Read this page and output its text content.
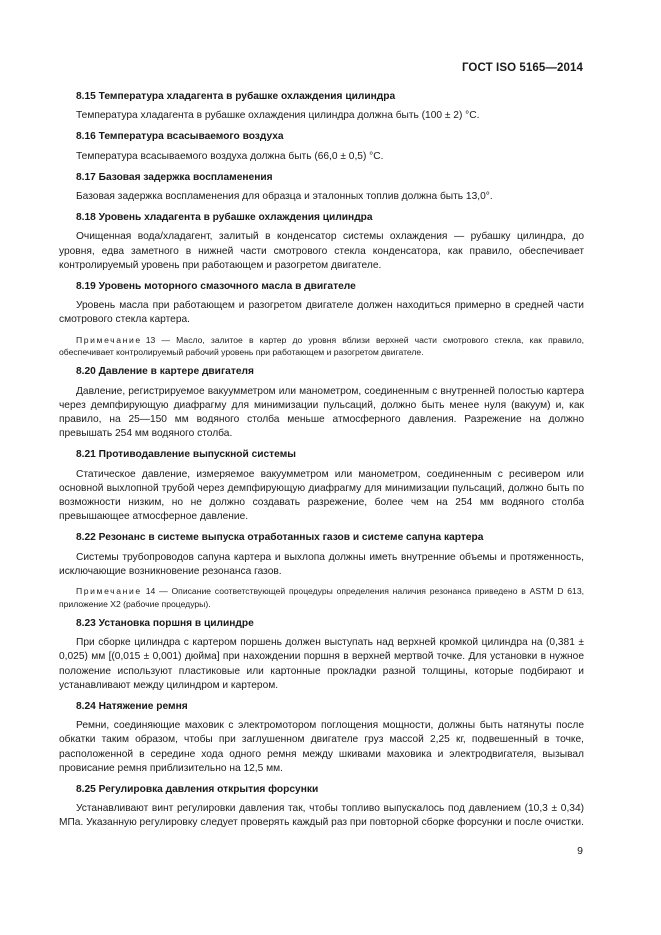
ГОСТ ISO 5165—2014
8.15 Температура хладагента в рубашке охлаждения цилиндра
Температура хладагента в рубашке охлаждения цилиндра должна быть (100 ± 2) °С.
8.16 Температура всасываемого воздуха
Температура всасываемого воздуха должна быть (66,0 ± 0,5) °С.
8.17 Базовая задержка воспламенения
Базовая задержка воспламенения для образца и эталонных топлив должна быть 13,0°.
8.18 Уровень хладагента в рубашке охлаждения цилиндра
Очищенная вода/хладагент, залитый в конденсатор системы охлаждения — рубашку цилиндра, до уровня, едва заметного в нижней части смотрового стекла конденсатора, как правило, обеспечивает контролируемый уровень при работающем и разогретом двигателе.
8.19 Уровень моторного смазочного масла в двигателе
Уровень масла при работающем и разогретом двигателе должен находиться примерно в средней части смотрового стекла картера.
Примечание 13 — Масло, залитое в картер до уровня вблизи верхней части смотрового стекла, как правило, обеспечивает контролируемый рабочий уровень при работающем и разогретом двигателе.
8.20 Давление в картере двигателя
Давление, регистрируемое вакуумметром или манометром, соединенным с внутренней полостью картера через демпфирующую диафрагму для минимизации пульсаций, должно быть менее нуля (вакуум) и, как правило, на 25—150 мм водяного столба меньше атмосферного давления. Разрежение на должно превышать 254 мм водяного столба.
8.21 Противодавление выпускной системы
Статическое давление, измеряемое вакуумметром или манометром, соединенным с ресивером или основной выхлопной трубой через демпфирующую диафрагму для минимизации пульсаций, должно быть по возможности низким, но не должно создавать разрежение, более чем на 254 мм водяного столба превышающее атмосферное давление.
8.22 Резонанс в системе выпуска отработанных газов и системе сапуна картера
Системы трубопроводов сапуна картера и выхлопа должны иметь внутренние объемы и протяженность, исключающие возникновение резонанса газов.
Примечание 14 — Описание соответствующей процедуры определения наличия резонанса приведено в ASTM D 613, приложение X2 (рабочие процедуры).
8.23 Установка поршня в цилиндре
При сборке цилиндра с картером поршень должен выступать над верхней кромкой цилиндра на (0,381 ± 0,025) мм [(0,015 ± 0,001) дюйма] при нахождении поршня в верхней мертвой точке. Для установки в нужное положение используют пластиковые или картонные прокладки разной толщины, которые подбирают и устанавливают между цилиндром и картером.
8.24 Натяжение ремня
Ремни, соединяющие маховик с электромотором поглощения мощности, должны быть натянуты после обкатки таким образом, чтобы при заглушенном двигателе груз массой 2,25 кг, подвешенный в точке, расположенной в середине хода одного ремня между шкивами маховика и электродвигателя, вызывал провисание ремня приблизительно на 12,5 мм.
8.25 Регулировка давления открытия форсунки
Устанавливают винт регулировки давления так, чтобы топливо выпускалось под давлением (10,3 ± 0,34) МПа. Указанную регулировку следует проверять каждый раз при повторной сборке форсунки и после очистки.
9
